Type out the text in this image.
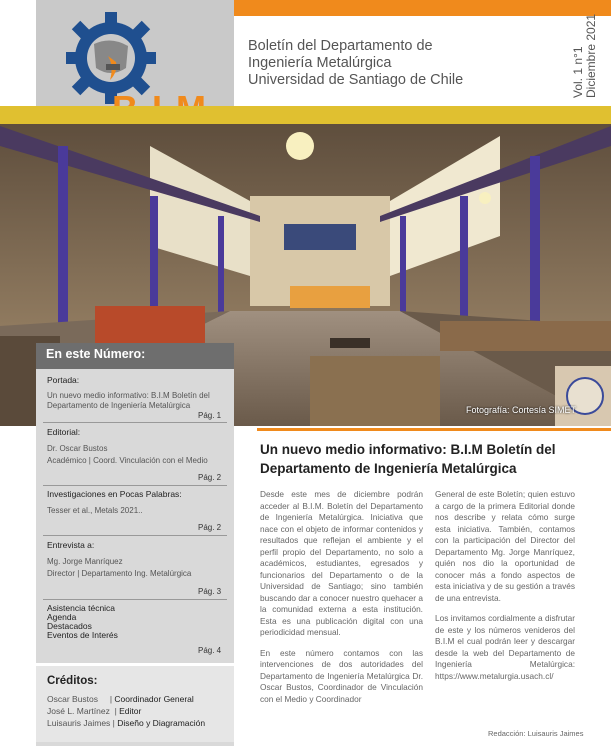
Boletín del Departamento de
Ingeniería Metalúrgica
Universidad de Santiago de Chile	Vol. 1 n°1 Diciembre 2021
Fotografía: Cortesía SIMET
En este Número:
Portada:
Un nuevo medio informativo: B.I.M Boletín del Departamento de Ingeniería Metalúrgica
Pág. 1
Editorial:
Dr. Oscar Bustos
Académico | Coord. Vinculación con el Medio
Pág. 2
Investigaciones en Pocas Palabras:
Tesser et al., Metals 2021..
Pág. 2
Entrevista a:
Mg. Jorge Manríquez
Director | Departamento Ing. Metalúrgica
Pág. 3
Asistencia técnica
Agenda
Destacados
Eventos de Interés
Pág. 4
Créditos:
Oscar Bustos     | Coordinador General
José L. Martínez  | Editor
Luisauris Jaimes | Diseño y Diagramación
Un nuevo medio informativo: B.I.M Boletín del Departamento de Ingeniería Metalúrgica

Desde este mes de diciembre podrán acceder al B.I.M. Boletín del Departamento de Ingeniería Metalúrgica. Iniciativa que nace con el objeto de informar contenidos y resultados que reflejan el ambiente y el perfil propio del Departamento, no solo a académicos, estudiantes, egresados y funcionarios del Departamento o de la Universidad de Santiago; sino también buscando dar a conocer nuestro quehacer a la comunidad externa a esta institución. Esta es una publicación digital con una periodicidad mensual.

En este número contamos con las intervenciones de dos autoridades del Departamento de Ingeniería Metalúrgica Dr. Oscar Bustos, Coordinador de Vinculación con el Medio y Coordinador

General de este Boletín; quien estuvo a cargo de la primera Editorial donde nos describe y relata cómo surge esta iniciativa. También, contamos con la participación del Director del Departamento Mg. Jorge Manríquez, quién nos dio la oportunidad de conocer más a fondo aspectos de esta iniciativa y de su gestión a través de una entrevista.

Los invitamos cordialmente a disfrutar de este y los números venideros del B.I.M el cual podrán leer y descargar desde la web del Departamento de Ingeniería Metalúrgica: https://www.metalurgia.usach.cl/

Redacción: Luisauris Jaimes
